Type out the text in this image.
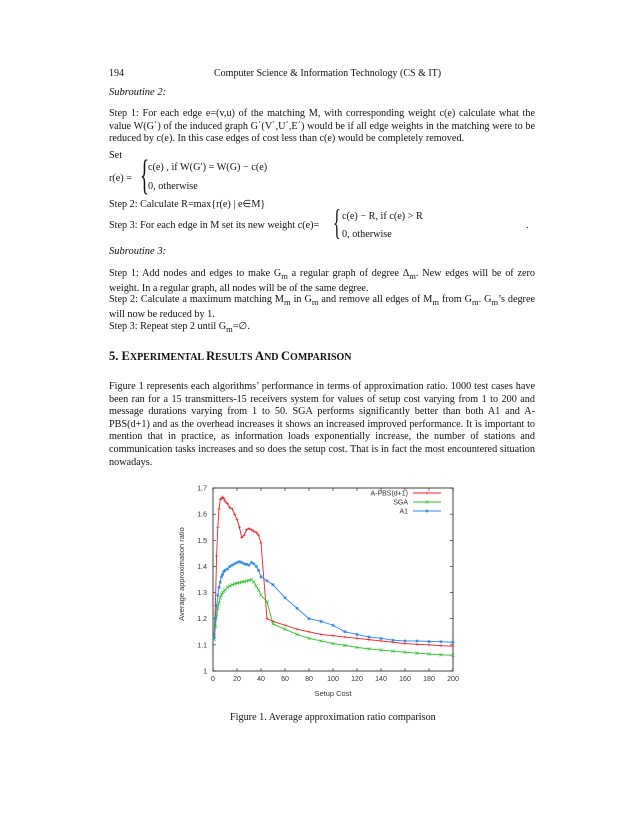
194	Computer Science & Information Technology (CS & IT)
Subroutine 2:
Step 1: For each edge e=(v,u) of the matching M, with corresponding weight c(e) calculate what the value W(G΄) of the induced graph G΄(V΄,U΄,E΄) would be if all edge weights in the matching were to be reduced by c(e). In this case edges of cost less than c(e) would be completely removed.
Set
r(e) = {
c(e) , if W(G′) = W(G) − c(e)
0, otherwise
Step 2: Calculate R=max{r(e) | e∈M}
Step 3: For each edge in M set its new weight c(e)= { c(e) − R, if c(e) > R
0, otherwise
.
Subroutine 3:
Step 1: Add nodes and edges to make $G_m$ a regular graph of degree $\Delta_m$. New edges will be of zero weight. In a regular graph, all nodes will be of the same degree.
Step 2: Calculate a maximum matching $M_m$ in $G_m$ and remove all edges of $M_m$ from $G_m$. $G_m’s$ degree will now be reduced by 1.
Step 3: Repeat step 2 until $G_m=\emptyset$.
5. EXPERIMENTAL RESULTS AND COMPARISON
Figure 1 represents each algorithms’ performance in terms of approximation ratio. 1000 test cases have been ran for a 15 transmitters-15 receivers system for values of setup cost varying from 1 to 200 and message durations varying from 1 to 50. SGA performs significantly better than both A1 and A-PBS(d+1) and as the overhead increases it shows an increased improved performance. It is important to mention that in practice, as information loads exponentially increase, the number of stations and communication tasks increases and so does the setup cost. That is in fact the most encountered situation nowadays.
0	20 40 60 80 100 120 140 160 180 200
1
1.1
1.2
1.3
1.4
1.5
1.6
1.7
A-PBS(d+1)
SGA
A1
Setup Cost
Average approximation ratio
Figure 1. Average approximation ratio comparison
